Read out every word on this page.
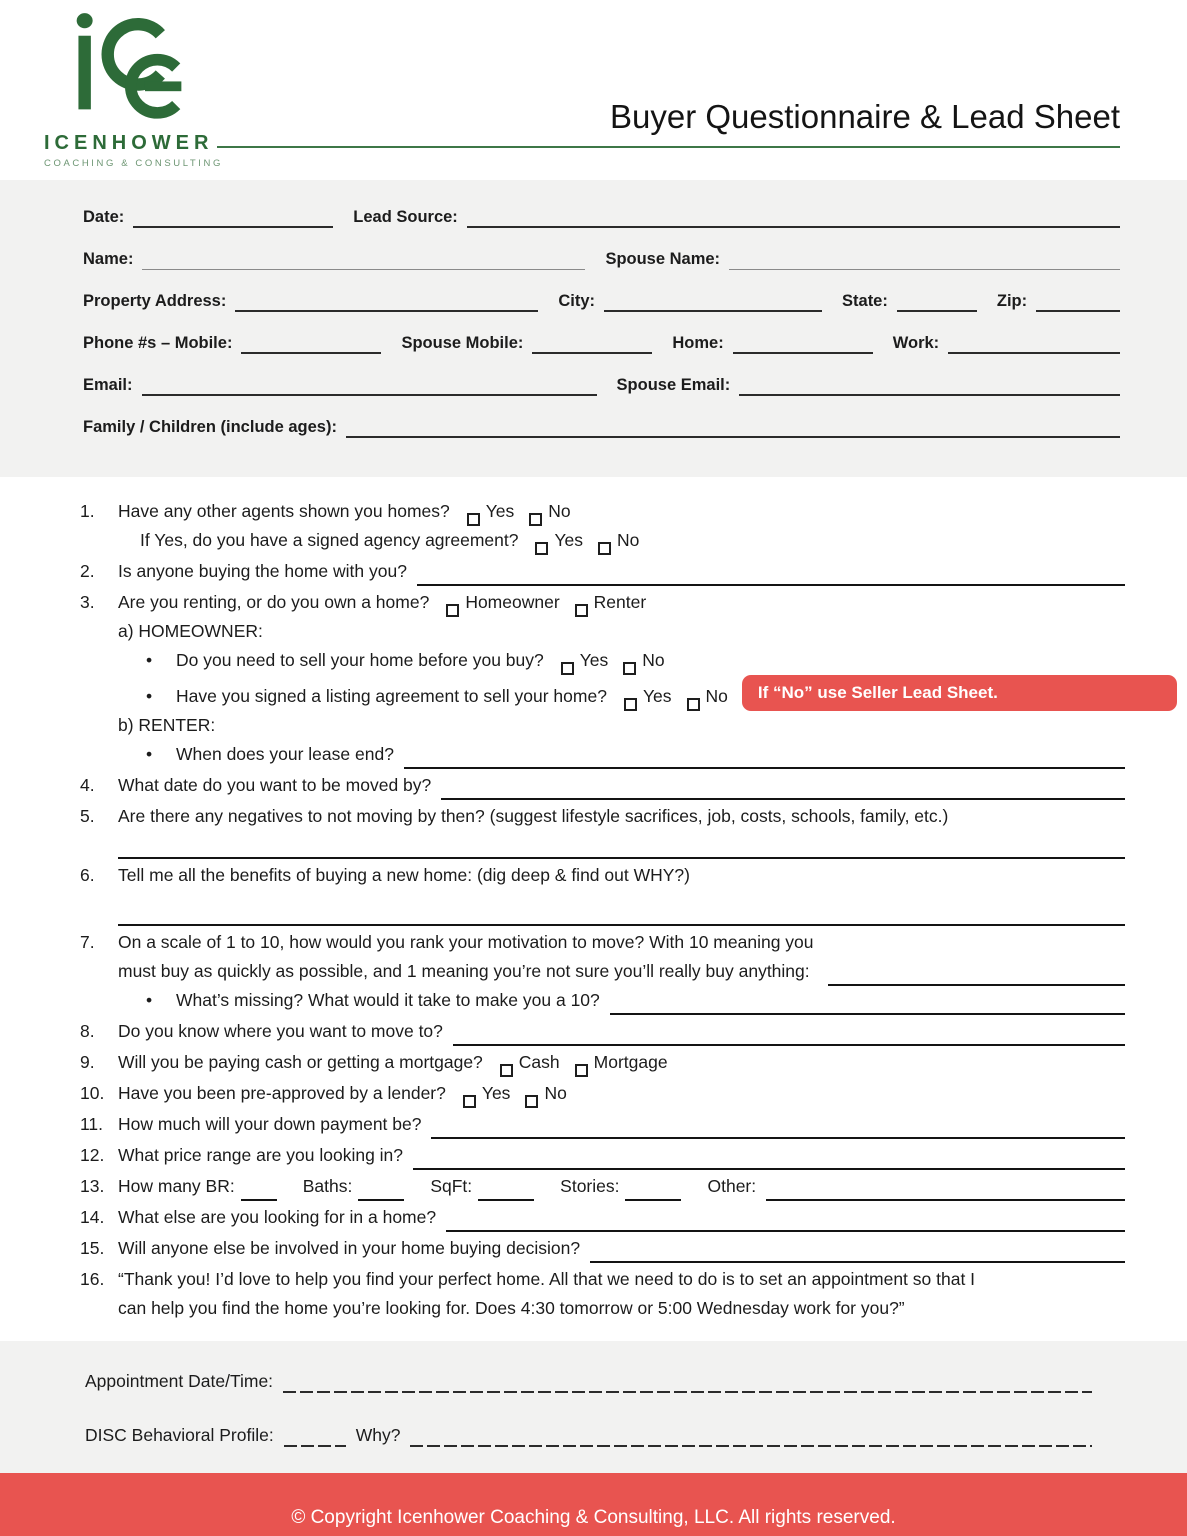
ICENHOWER
COACHING & CONSULTING
Buyer Questionnaire & Lead Sheet
Date:	Lead Source:
Name:	Spouse Name:
Property Address:	City:	State:	Zip:
Phone #s – Mobile:	Spouse Mobile:	Home:	Work:
Email:	Spouse Email:
Family / Children (include ages):
1.	Have any other agents shown you homes? Yes No
If Yes, do you have a signed agency agreement? Yes No
2.	Is anyone buying the home with you?
3.	Are you renting, or do you own a home? Homeowner Renter
a) HOMEOWNER:
•	Do you need to sell your home before you buy? Yes No
•	Have you signed a listing agreement to sell your home? Yes No	If “No” use Seller Lead Sheet.
b) RENTER:
•	When does your lease end?
4.	What date do you want to be moved by?
5.	Are there any negatives to not moving by then? (suggest lifestyle sacrifices, job, costs, schools, family, etc.)
6.	Tell me all the benefits of buying a new home: (dig deep & find out WHY?)
7.	On a scale of 1 to 10, how would you rank your motivation to move? With 10 meaning you
must buy as quickly as possible, and 1 meaning you’re not sure you’ll really buy anything:
•	What’s missing? What would it take to make you a 10?
8.	Do you know where you want to move to?
9.	Will you be paying cash or getting a mortgage? Cash Mortgage
10. Have you been pre-approved by a lender? Yes No
11. How much will your down payment be?
12. What price range are you looking in?
13. How many BR:	Baths:	SqFt:	Stories:	Other:
14. What else are you looking for in a home?
15. Will anyone else be involved in your home buying decision?
16. “Thank you! I’d love to help you find your perfect home. All that we need to do is to set an appointment so that I
can help you find the home you’re looking for. Does 4:30 tomorrow or 5:00 Wednesday work for you?”
Appointment Date/Time:
DISC Behavioral Profile:	Why?
© Copyright Icenhower Coaching & Consulting, LLC. All rights reserved.
